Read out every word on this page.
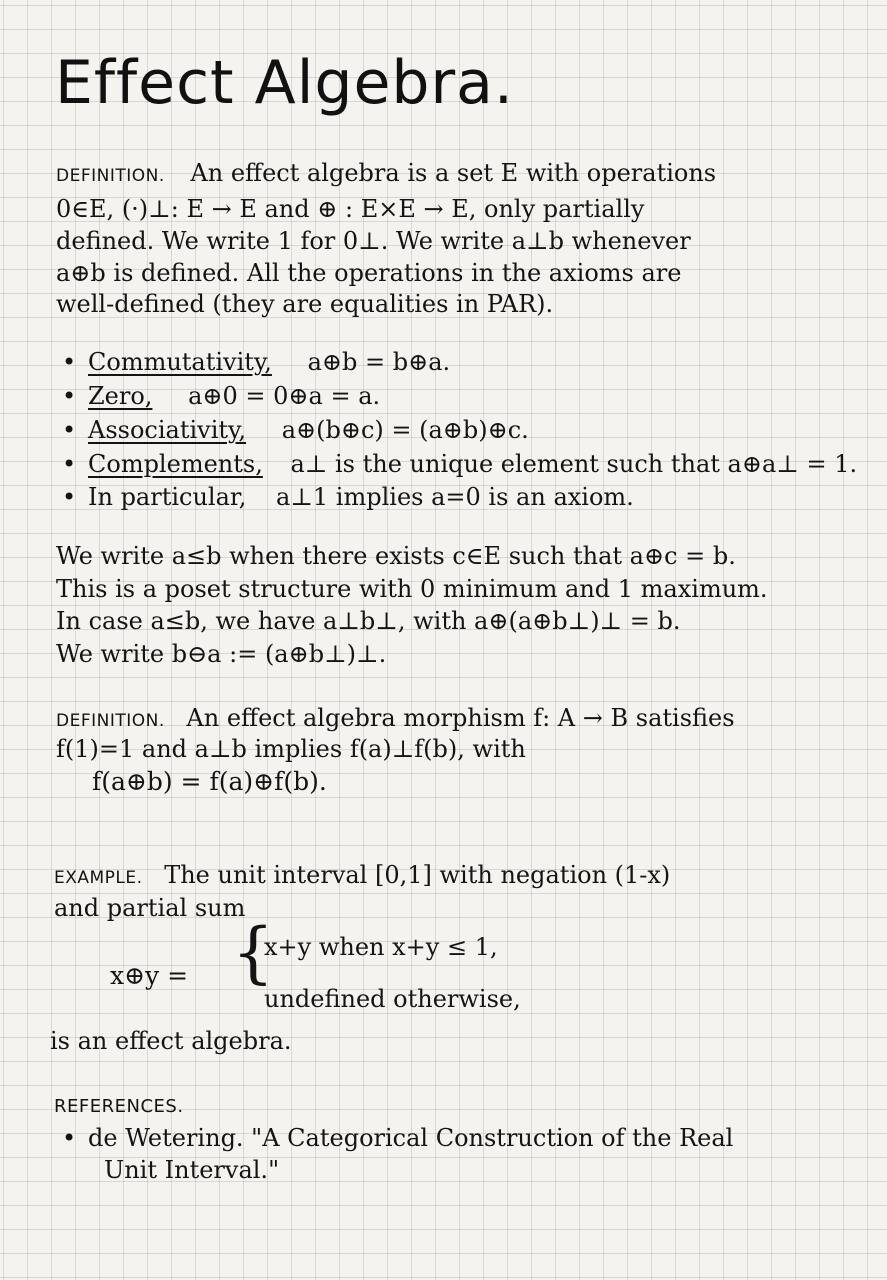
Effect Algebra.
DEFINITION. An effect algebra is a set E with operations
0∈E, (·)⊥: E → E and ⊕ : E×E → E, only partially
defined. We write 1 for 0⊥. We write a⊥b whenever
a⊕b is defined. All the operations in the axioms are
well-defined (they are equalities in PAR).
• Commutativity, a⊕b = b⊕a.
• Zero, a⊕0 = 0⊕a = a.
• Associativity, a⊕(b⊕c) = (a⊕b)⊕c.
• Complements, a⊥ is the unique element such that a⊕a⊥ = 1.
• In particular, a⊥1 implies a=0 is an axiom.
We write a≤b when there exists c∈E such that a⊕c = b.
This is a poset structure with 0 minimum and 1 maximum.
In case a≤b, we have a⊥b⊥, with a⊕(a⊕b⊥)⊥ = b.
We write b⊖a := (a⊕b⊥)⊥.
DEFINITION. An effect algebra morphism f: A → B satisfies
f(1)=1 and a⊥b implies f(a)⊥f(b), with
f(a⊕b) = f(a)⊕f(b).
EXAMPLE. The unit interval [0,1] with negation (1-x)
and partial sum
x⊕y = {
x+y when x+y ≤ 1,
undefined otherwise,
is an effect algebra.
REFERENCES.
• de Wetering. "A Categorical Construction of the Real
Unit Interval."
